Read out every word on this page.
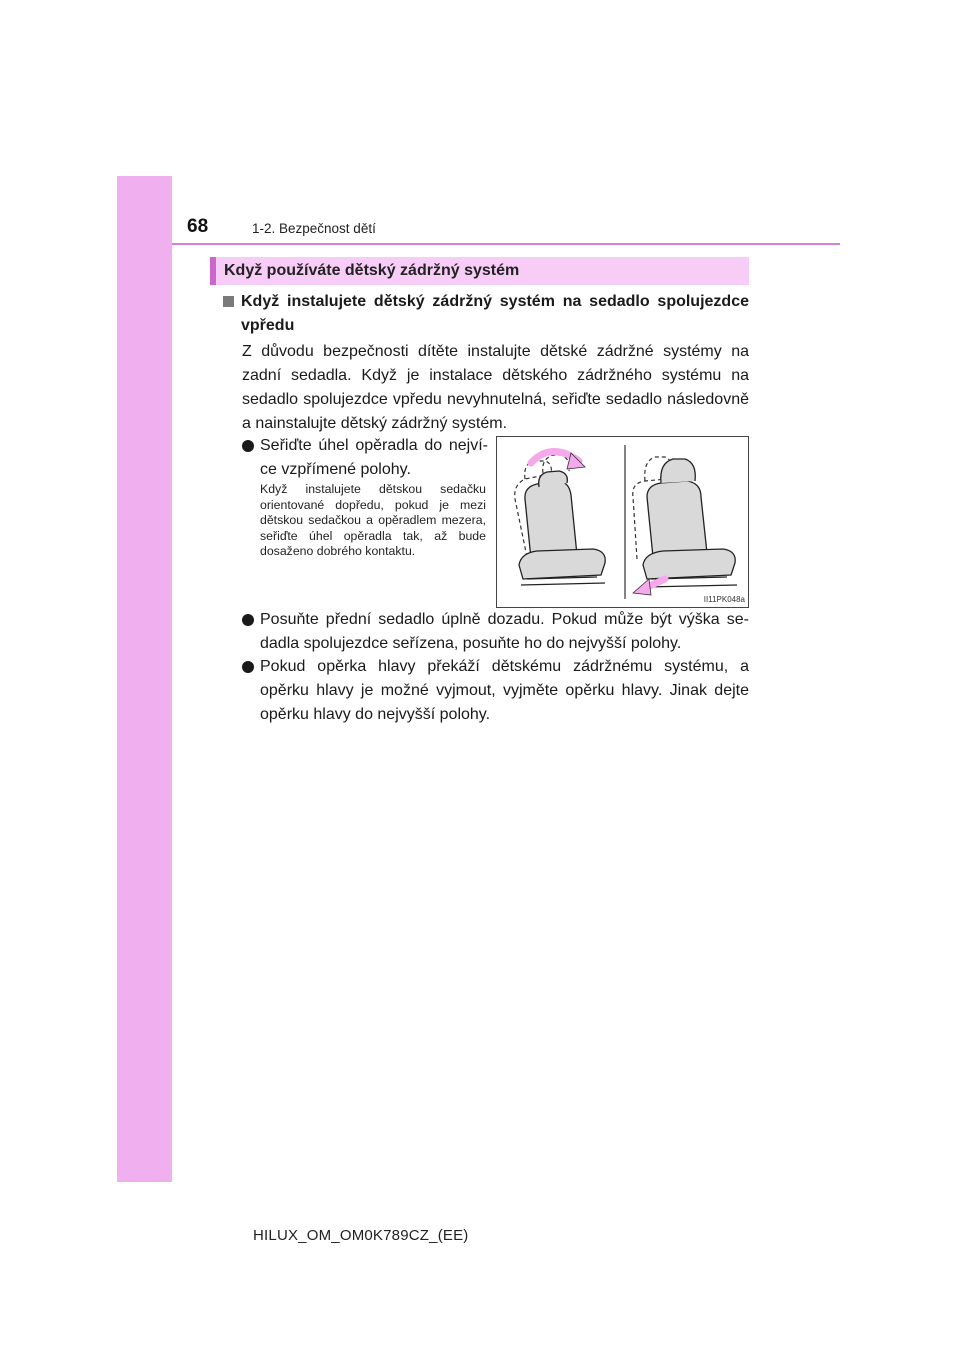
68	1-2. Bezpečnost dětí
Když používáte dětský zádržný systém
Když instalujete dětský zádržný systém na sedadlo spolujezdce vpředu
Z důvodu bezpečnosti dítěte instalujte dětské zádržné systémy na zadní sedadla. Když je instalace dětského zádržného systému na sedadlo spolujezdce vpředu nevyhnutelná, seřiďte sedadlo následovně a nainstalujte dětský zádržný systém.
Seřiďte úhel opěradla do nejvíce vzpřímené polohy.
Když instalujete dětskou sedačku orientované dopředu, pokud je mezi dětskou sedačkou a opěradlem mezera, seřiďte úhel opěradla tak, až bude dosaženo dobrého kontaktu.
II11PK048a
Posuňte přední sedadlo úplně dozadu. Pokud může být výška sedadla spolujezdce seřízena, posuňte ho do nejvyšší polohy.
Pokud opěrka hlavy překáží dětskému zádržnému systému, a opěrku hlavy je možné vyjmout, vyjměte opěrku hlavy. Jinak dejte opěrku hlavy do nejvyšší polohy.
HILUX_OM_OM0K789CZ_(EE)
